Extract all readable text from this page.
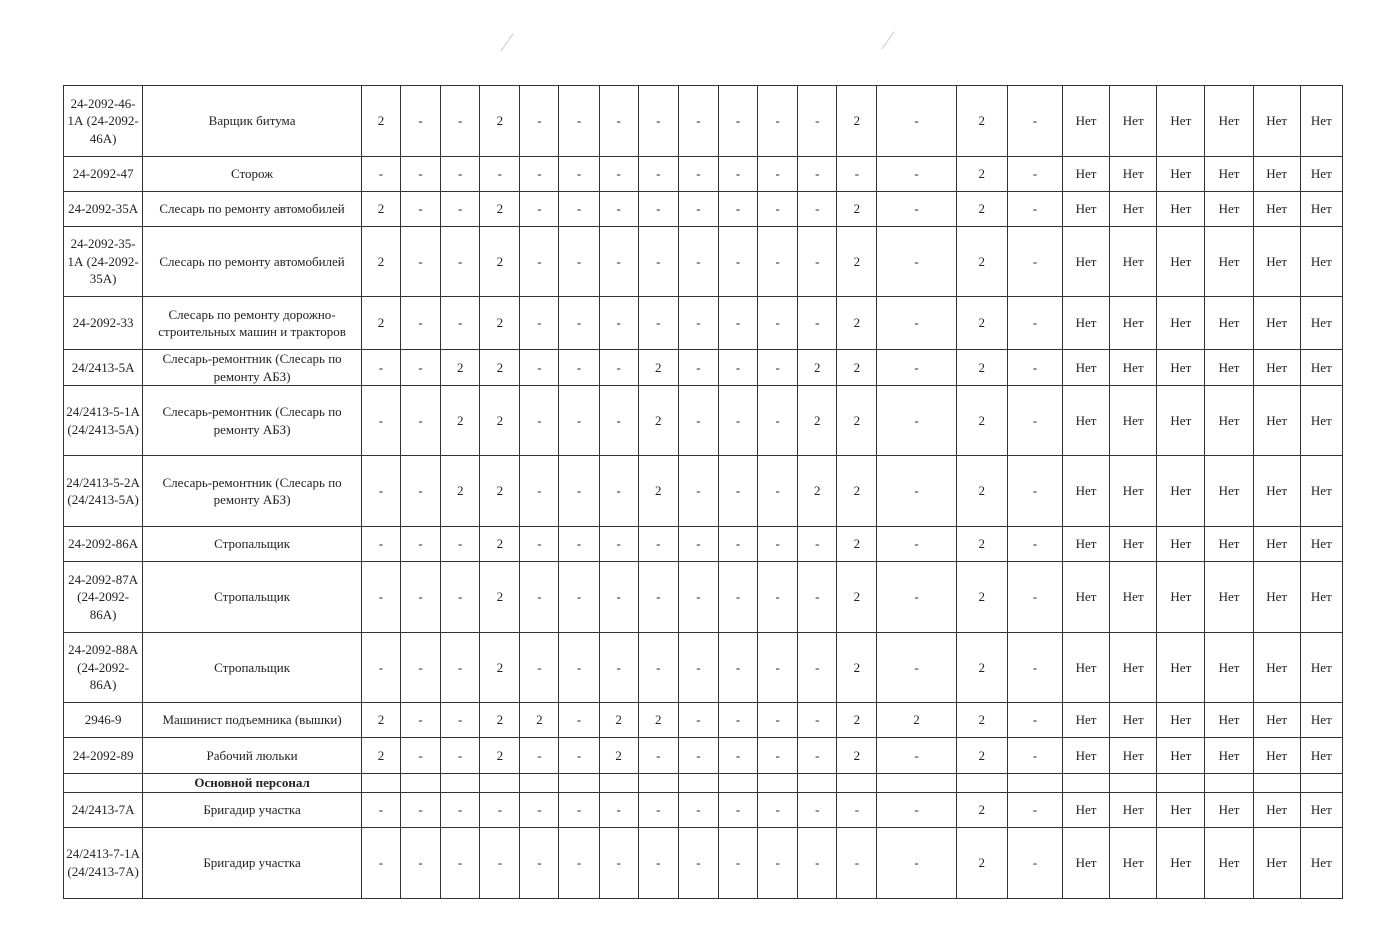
⁄	⁄
24-2092-46-1А (24-2092-46А)	Варщик битума	2	-	-	2	-	-	-	-	-	-	-	-	2	-	2	-	Нет	Нет	Нет	Нет	Нет	Нет
24-2092-47	Сторож	-	-	-	-	-	-	-	-	-	-	-	-	-	-	2	-	Нет	Нет	Нет	Нет	Нет	Нет
24-2092-35А	Слесарь по ремонту автомобилей	2	-	-	2	-	-	-	-	-	-	-	-	2	-	2	-	Нет	Нет	Нет	Нет	Нет	Нет
24-2092-35-1А (24-2092-35А)	Слесарь по ремонту автомобилей	2	-	-	2	-	-	-	-	-	-	-	-	2	-	2	-	Нет	Нет	Нет	Нет	Нет	Нет
24-2092-33	Слесарь по ремонту дорожно-строительных машин и тракторов	2	-	-	2	-	-	-	-	-	-	-	-	2	-	2	-	Нет	Нет	Нет	Нет	Нет	Нет
24/2413-5А	Слесарь-ремонтник (Слесарь по ремонту АБЗ)	-	-	2	2	-	-	-	2	-	-	-	2	2	-	2	-	Нет	Нет	Нет	Нет	Нет	Нет
24/2413-5-1А (24/2413-5А)	Слесарь-ремонтник (Слесарь по ремонту АБЗ)	-	-	2	2	-	-	-	2	-	-	-	2	2	-	2	-	Нет	Нет	Нет	Нет	Нет	Нет
24/2413-5-2А (24/2413-5А)	Слесарь-ремонтник (Слесарь по ремонту АБЗ)	-	-	2	2	-	-	-	2	-	-	-	2	2	-	2	-	Нет	Нет	Нет	Нет	Нет	Нет
24-2092-86А	Стропальщик	-	-	-	2	-	-	-	-	-	-	-	-	2	-	2	-	Нет	Нет	Нет	Нет	Нет	Нет
24-2092-87А (24-2092-86А)	Стропальщик	-	-	-	2	-	-	-	-	-	-	-	-	2	-	2	-	Нет	Нет	Нет	Нет	Нет	Нет
24-2092-88А (24-2092-86А)	Стропальщик	-	-	-	2	-	-	-	-	-	-	-	-	2	-	2	-	Нет	Нет	Нет	Нет	Нет	Нет
2946-9	Машинист подъемника (вышки)	2	-	-	2	2	-	2	2	-	-	-	-	2	2	2	-	Нет	Нет	Нет	Нет	Нет	Нет
24-2092-89	Рабочий люльки	2	-	-	2	-	-	2	-	-	-	-	-	2	-	2	-	Нет	Нет	Нет	Нет	Нет	Нет
	Основной персонал																						
24/2413-7А	Бригадир участка	-	-	-	-	-	-	-	-	-	-	-	-	-	-	2	-	Нет	Нет	Нет	Нет	Нет	Нет
24/2413-7-1А (24/2413-7А)	Бригадир участка	-	-	-	-	-	-	-	-	-	-	-	-	-	-	2	-	Нет	Нет	Нет	Нет	Нет	Нет
